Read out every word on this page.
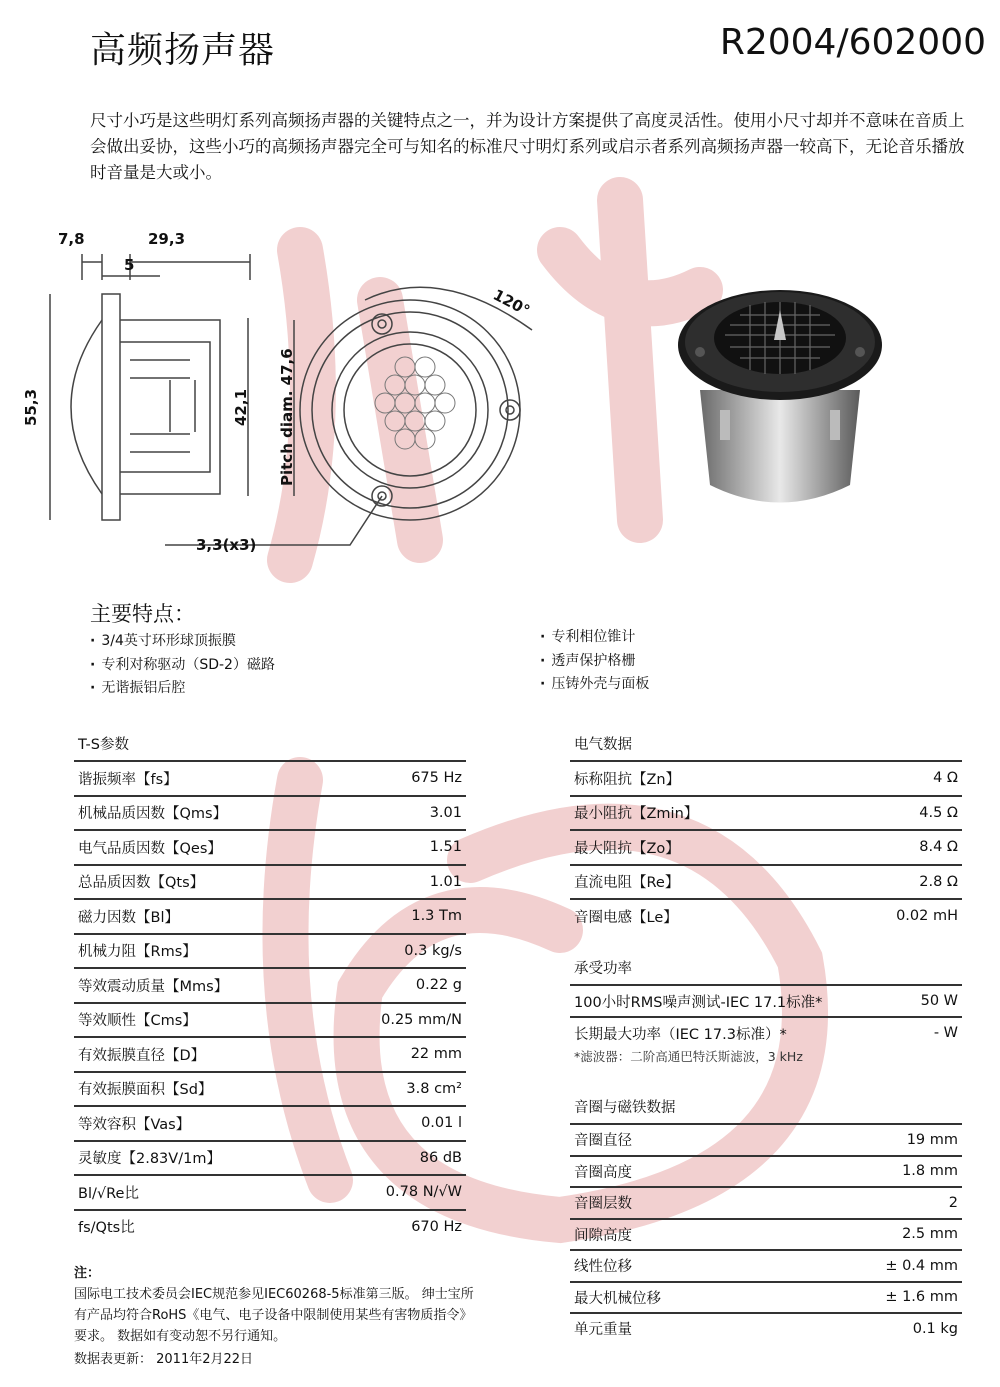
高频扬声器	R2004/602000
尺寸小巧是这些明灯系列高频扬声器的关键特点之一，并为设计方案提供了高度灵活性。使用小尺寸却并不意味在音质上会做出妥协，这些小巧的高频扬声器完全可与知名的标准尺寸明灯系列或启示者系列高频扬声器一较高下，无论音乐播放时音量是大或小。
7,8	29,3
5
120°
3,3(x3)
55,3	42,1 Pitch diam. 47,6
主要特点：
· 3/4英寸环形球顶振膜
· 专利对称驱动（SD-2）磁路
· 无谐振铝后腔
· 专利相位锥计
· 透声保护格栅
· 压铸外壳与面板
T-S参数
谐振频率【fs】	675 Hz
机械品质因数【Qms】	3.01
电气品质因数【Qes】	1.51
总品质因数【Qts】	1.01
磁力因数【Bl】	1.3 Tm
机械力阻【Rms】	0.3 kg/s
等效震动质量【Mms】	0.22 g
等效顺性【Cms】	0.25 mm/N
有效振膜直径【D】	22 mm
有效振膜面积【Sd】	3.8 cm²
等效容积【Vas】	0.01 l
灵敏度【2.83V/1m】	86 dB
Bl/√Re比	0.78 N/√W
fs/Qts比	670 Hz
电气数据
标称阻抗【Zn】	4 Ω
最小阻抗【Zmin】	4.5 Ω
最大阻抗【Zo】	8.4 Ω
直流电阻【Re】	2.8 Ω
音圈电感【Le】	0.02 mH
承受功率
100小时RMS噪声测试-IEC 17.1标准*	50 W
长期最大功率（IEC 17.3标准）*	- W
*滤波器：二阶高通巴特沃斯滤波，3 kHz
音圈与磁铁数据
音圈直径	19 mm
音圈高度	1.8 mm
音圈层数	2
间隙高度	2.5 mm
线性位移	± 0.4 mm
最大机械位移	± 1.6 mm
单元重量	0.1 kg
注：
国际电工技术委员会IEC规范参见IEC60268-5标准第三版。 绅士宝所有产品均符合RoHS《电气、电子设备中限制使用某些有害物质指令》要求。 数据如有变动恕不另行通知。
数据表更新： 2011年2月22日
